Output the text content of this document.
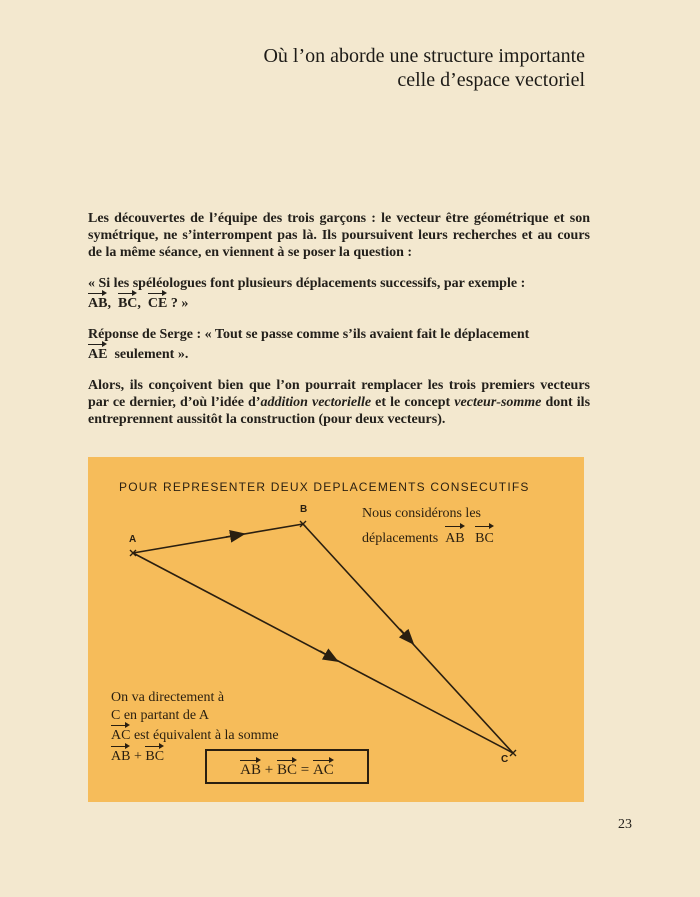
Où l’on aborde une structure importante
celle d’espace vectoriel

Les découvertes de l’équipe des trois garçons : le vecteur être géométrique et son symétrique, ne s’interrompent pas là. Ils poursuivent leurs recherches et au cours de la même séance, en viennent à se poser la question :

« Si les spéléologues font plusieurs déplacements successifs, par exemple :
AB,  BC,  CE ? »

Réponse de Serge : « Tout se passe comme s’ils avaient fait le déplacement
AE seulement ».

Alors, ils conçoivent bien que l’on pourrait remplacer les trois premiers vecteurs par ce dernier, d’où l’idée d’addition vectorielle et le concept vecteur-somme dont ils entreprennent aussitôt la construction (pour deux vecteurs).

POUR REPRESENTER DEUX DEPLACEMENTS CONSECUTIFS
A
B
C
Nous considérons les
déplacements AB BC
On va directement à
C en partant de A
AC est équivalent à la somme
AB + BC
AB
+
BC
=
AC
23
